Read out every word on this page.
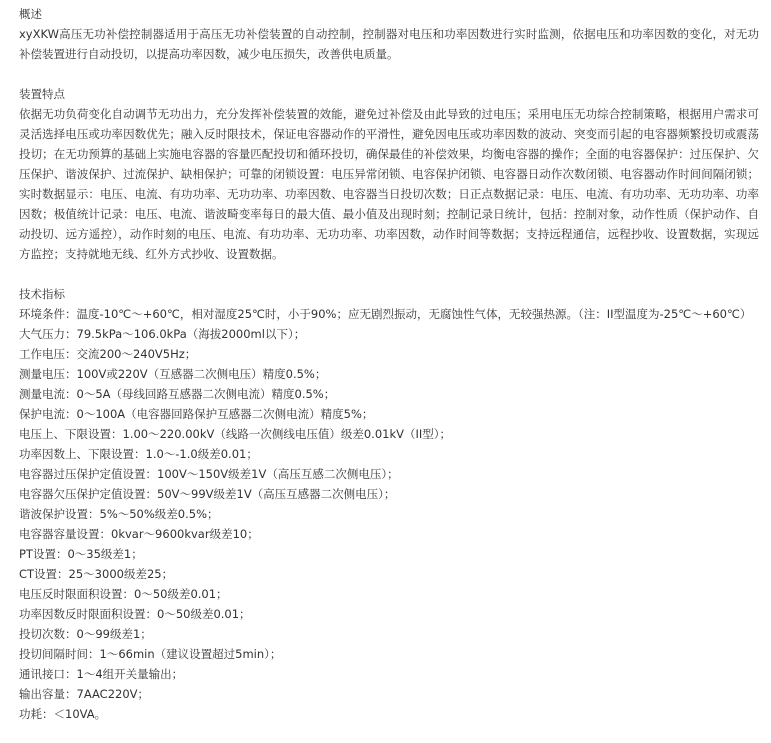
概述
xyXKW高压无功补偿控制器适用于高压无功补偿装置的自动控制，控制器对电压和功率因数进行实时监测，依据电压和功率因数的变化，对无功补偿装置进行自动投切，以提高功率因数，减少电压损失，改善供电质量。
装置特点
依据无功负荷变化自动调节无功出力，充分发挥补偿装置的效能，避免过补偿及由此导致的过电压；采用电压无功综合控制策略，根据用户需求可灵活选择电压或功率因数优先；融入反时限技术，保证电容器动作的平滑性，避免因电压或功率因数的波动、突变而引起的电容器频繁投切或震荡投切；在无功预算的基础上实施电容器的容量匹配投切和循环投切，确保最佳的补偿效果，均衡电容器的操作；全面的电容器保护：过压保护、欠压保护、谐波保护、过流保护、缺相保护；可靠的闭锁设置：电压异常闭锁、电容保护闭锁、电容器日动作次数闭锁、电容器动作时间间隔闭锁；实时数据显示：电压、电流、有功功率、无功功率、功率因数、电容器当日投切次数；日正点数据记录：电压、电流、有功功率、无功功率、功率因数；极值统计记录：电压、电流、谐波畸变率每日的最大值、最小值及出现时刻；控制记录日统计，包括：控制对象，动作性质（保护动作、自动投切、远方遥控），动作时刻的电压、电流、有功功率、无功功率、功率因数，动作时间等数据；支持远程通信，远程抄收、设置数据，实现远方监控；支持就地无线、红外方式抄收、设置数据。
技术指标
环境条件：温度-10℃～+60℃，相对湿度25℃时，小于90%；应无剧烈振动，无腐蚀性气体，无较强热源。（注：II型温度为-25℃～+60℃）
大气压力：79.5kPa～106.0kPa（海拔2000ml以下）；
工作电压：交流200～240V5Hz；
测量电压：100V或220V（互感器二次侧电压）精度0.5%；
测量电流：0～5A（母线回路互感器二次侧电流）精度0.5%；
保护电流：0～100A（电容器回路保护互感器二次侧电流）精度5%；
电压上、下限设置：1.00～220.00kV（线路一次侧线电压值）级差0.01kV（II型）；
功率因数上、下限设置：1.0～-1.0级差0.01；
电容器过压保护定值设置：100V～150V级差1V（高压互感二次侧电压）；
电容器欠压保护定值设置：50V～99V级差1V（高压互感器二次侧电压）；
谐波保护设置：5%～50%级差0.5%；
电容器容量设置：0kvar～9600kvar级差10；
PT设置：0～35级差1；
CT设置：25～3000级差25；
电压反时限面积设置：0～50级差0.01；
功率因数反时限面积设置：0～50级差0.01；
投切次数：0～99级差1；
投切间隔时间：1～66min（建议设置超过5min）；
通讯接口：1～4组开关量输出；
输出容量：7AAC220V；
功耗：＜10VA。
